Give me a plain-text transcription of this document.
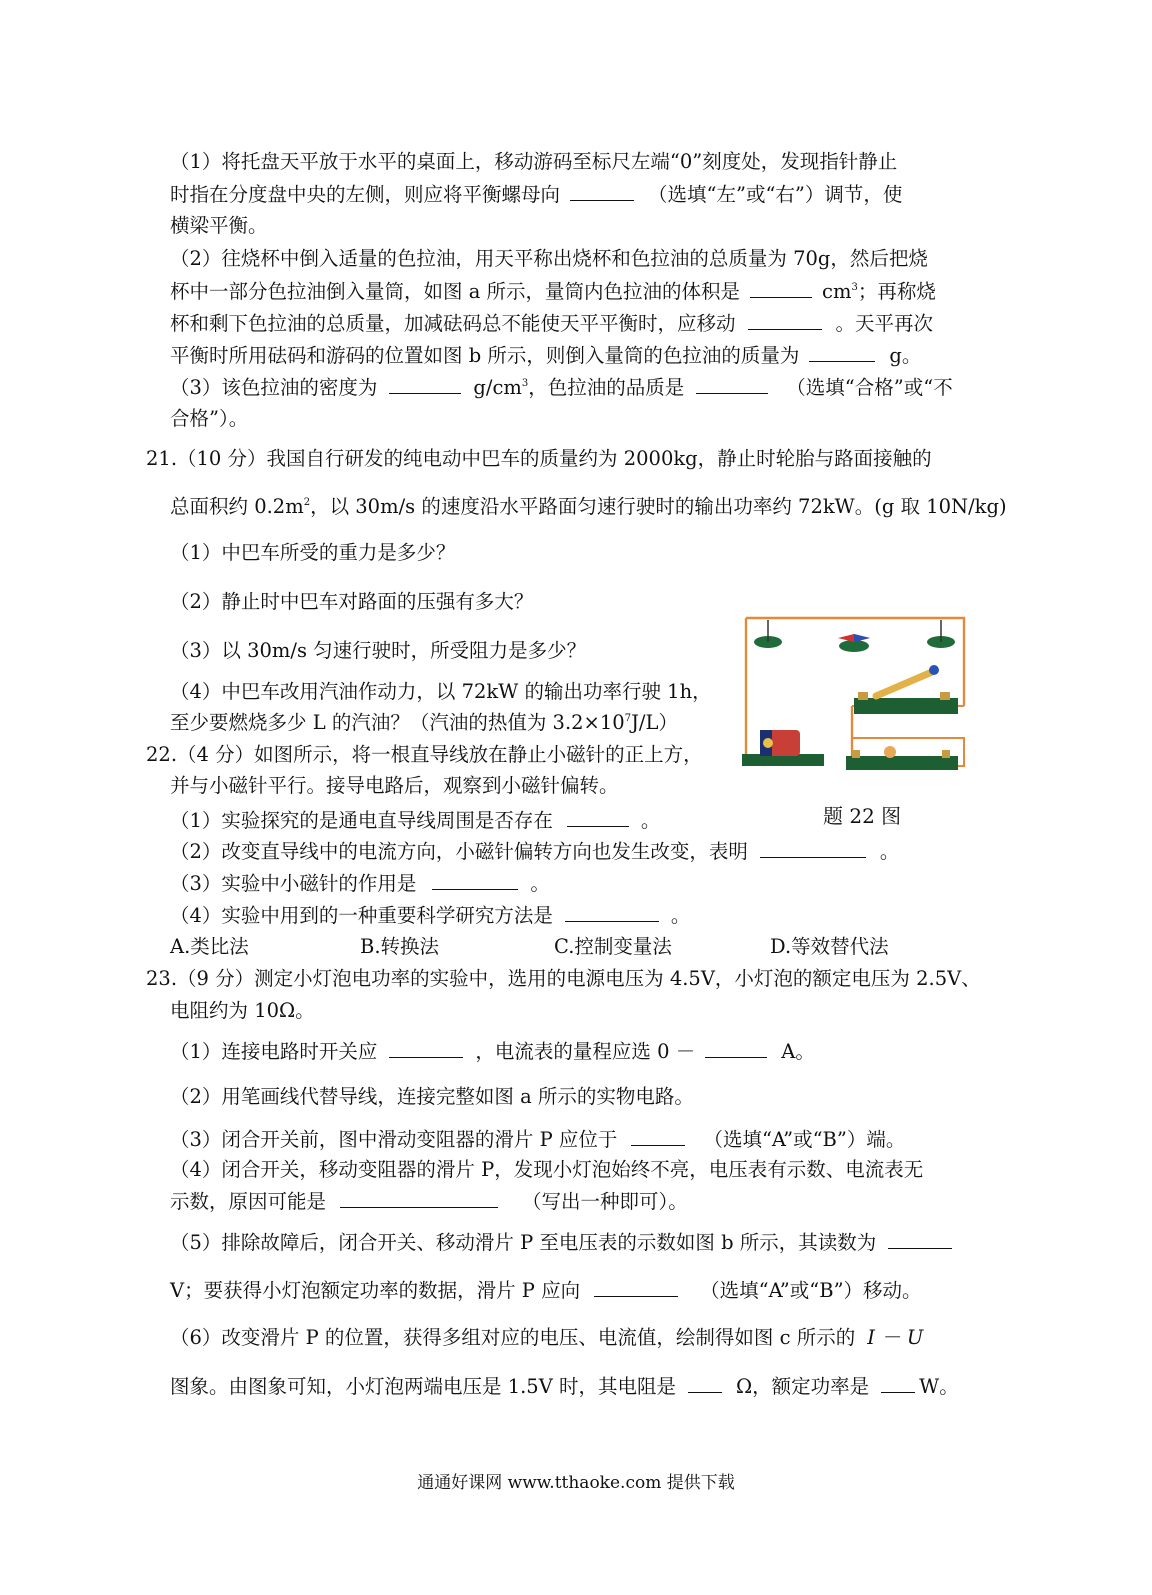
（1）将托盘天平放于水平的桌面上，移动游码至标尺左端“0”刻度处，发现指针静止
时指在分度盘中央的左侧，则应将平衡螺母向	（选填“左”或“右”）调节，使
横梁平衡。
（2）往烧杯中倒入适量的色拉油，用天平称出烧杯和色拉油的总质量为 70g，然后把烧
杯中一部分色拉油倒入量筒，如图 a 所示，量筒内色拉油的体积是	$cm^3$；再称烧
杯和剩下色拉油的总质量，加减砝码总不能使天平平衡时，应移动	。天平再次
平衡时所用砝码和游码的位置如图 b 所示，则倒入量筒的色拉油的质量为	g。
（3）该色拉油的密度为	$g/cm^3$，色拉油的品质是	（选填“合格”或“不
合格”）。
21.（10 分）我国自行研发的纯电动中巴车的质量约为 2000kg，静止时轮胎与路面接触的
总面积约 $0.2m^2$，以 30m/s 的速度沿水平路面匀速行驶时的输出功率约 72kW。(g 取 10N/kg)
（1）中巴车所受的重力是多少？
（2）静止时中巴车对路面的压强有多大？
（3）以 30m/s 匀速行驶时，所受阻力是多少？
（4）中巴车改用汽油作动力，以 72kW 的输出功率行驶 1h，
至少要燃烧多少 L 的汽油？（汽油的热值为 $3.2\times 10^7J/L$）
22.（4 分）如图所示，将一根直导线放在静止小磁针的正上方，
并与小磁针平行。接导电路后，观察到小磁针偏转。
题 22 图
（1）实验探究的是通电直导线周围是否存在	。
（2）改变直导线中的电流方向，小磁针偏转方向也发生改变，表明	。
（3）实验中小磁针的作用是	。
（4）实验中用到的一种重要科学研究方法是	。
A.类比法	B.转换法	C.控制变量法	D.等效替代法
23.（9 分）测定小灯泡电功率的实验中，选用的电源电压为 4.5V，小灯泡的额定电压为 2.5V、
电阻约为 10Ω。
（1）连接电路时开关应	，电流表的量程应选 0 －	A。
（2）用笔画线代替导线，连接完整如图 a 所示的实物电路。
（3）闭合开关前，图中滑动变阻器的滑片 P 应位于	（选填“A”或“B”）端。
（4）闭合开关，移动变阻器的滑片 P，发现小灯泡始终不亮，电压表有示数、电流表无
示数，原因可能是	（写出一种即可）。
（5）排除故障后，闭合开关、移动滑片 P 至电压表的示数如图 b 所示，其读数为
V；要获得小灯泡额定功率的数据，滑片 P 应向	（选填“A”或“B”）移动。
（6）改变滑片 P 的位置，获得多组对应的电压、电流值，绘制得如图 c 所示的 I － U
图象。由图象可知，小灯泡两端电压是 1.5V 时，其电阻是	Ω，额定功率是	W。
通通好课网 www.tthaoke.com 提供下载
